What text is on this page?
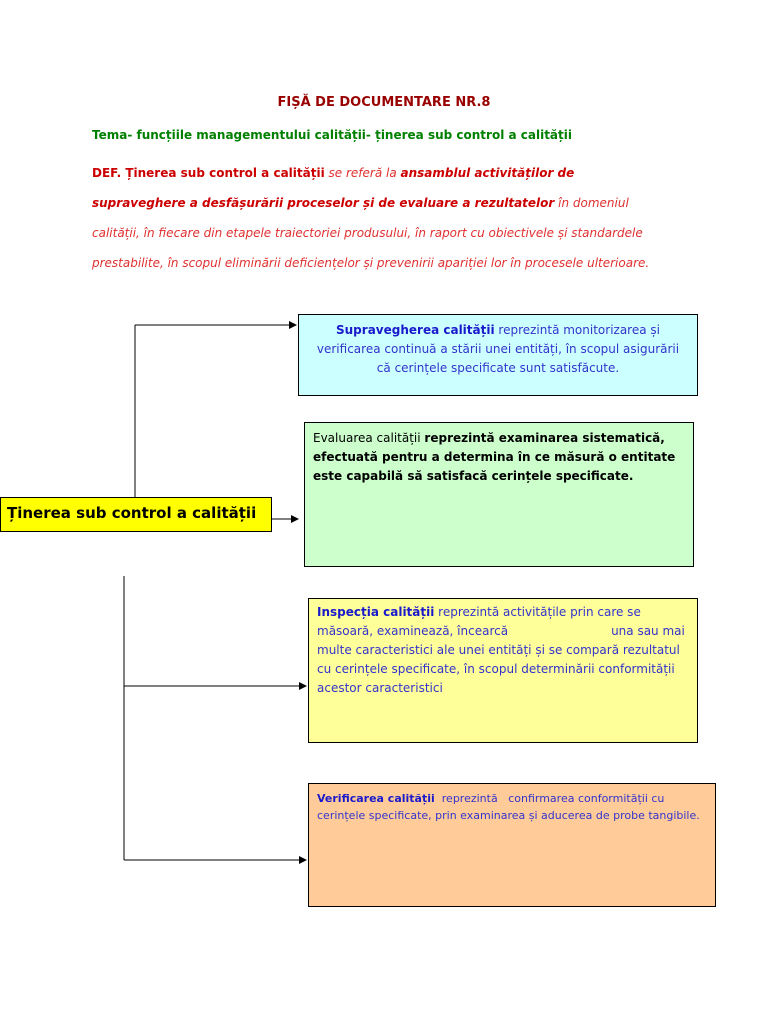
FIȘĂ DE DOCUMENTARE NR.8
Tema- funcțiile managementului calității- ținerea sub control a calității
DEF. Ținerea sub control a calității se referă la ansamblul activităților de supraveghere a desfășurării proceselor și de evaluare a rezultatelor în domeniul calității, în fiecare din etapele traiectoriei produsului, în raport cu obiectivele și standardele prestabilite, în scopul eliminării deficiențelor și prevenirii apariției lor în procesele ulterioare.
Supravegherea calității reprezintă monitorizarea și verificarea continuă a stării unei entități, în scopul asigurării că cerințele specificate sunt satisfăcute.
Evaluarea calității reprezintă examinarea sistematică, efectuată pentru a determina în ce măsură o entitate este capabilă să satisfacă cerințele specificate.
Inspecția calității reprezintă activitățile prin care se măsoară, examinează, încearcă                           una sau mai multe caracteristici ale unei entități și se compară rezultatul cu cerințele specificate, în scopul determinării conformității acestor caracteristici
Verificarea calității  reprezintă   confirmarea conformității cu cerințele specificate, prin examinarea și aducerea de probe tangibile.
Ținerea sub control a calității
